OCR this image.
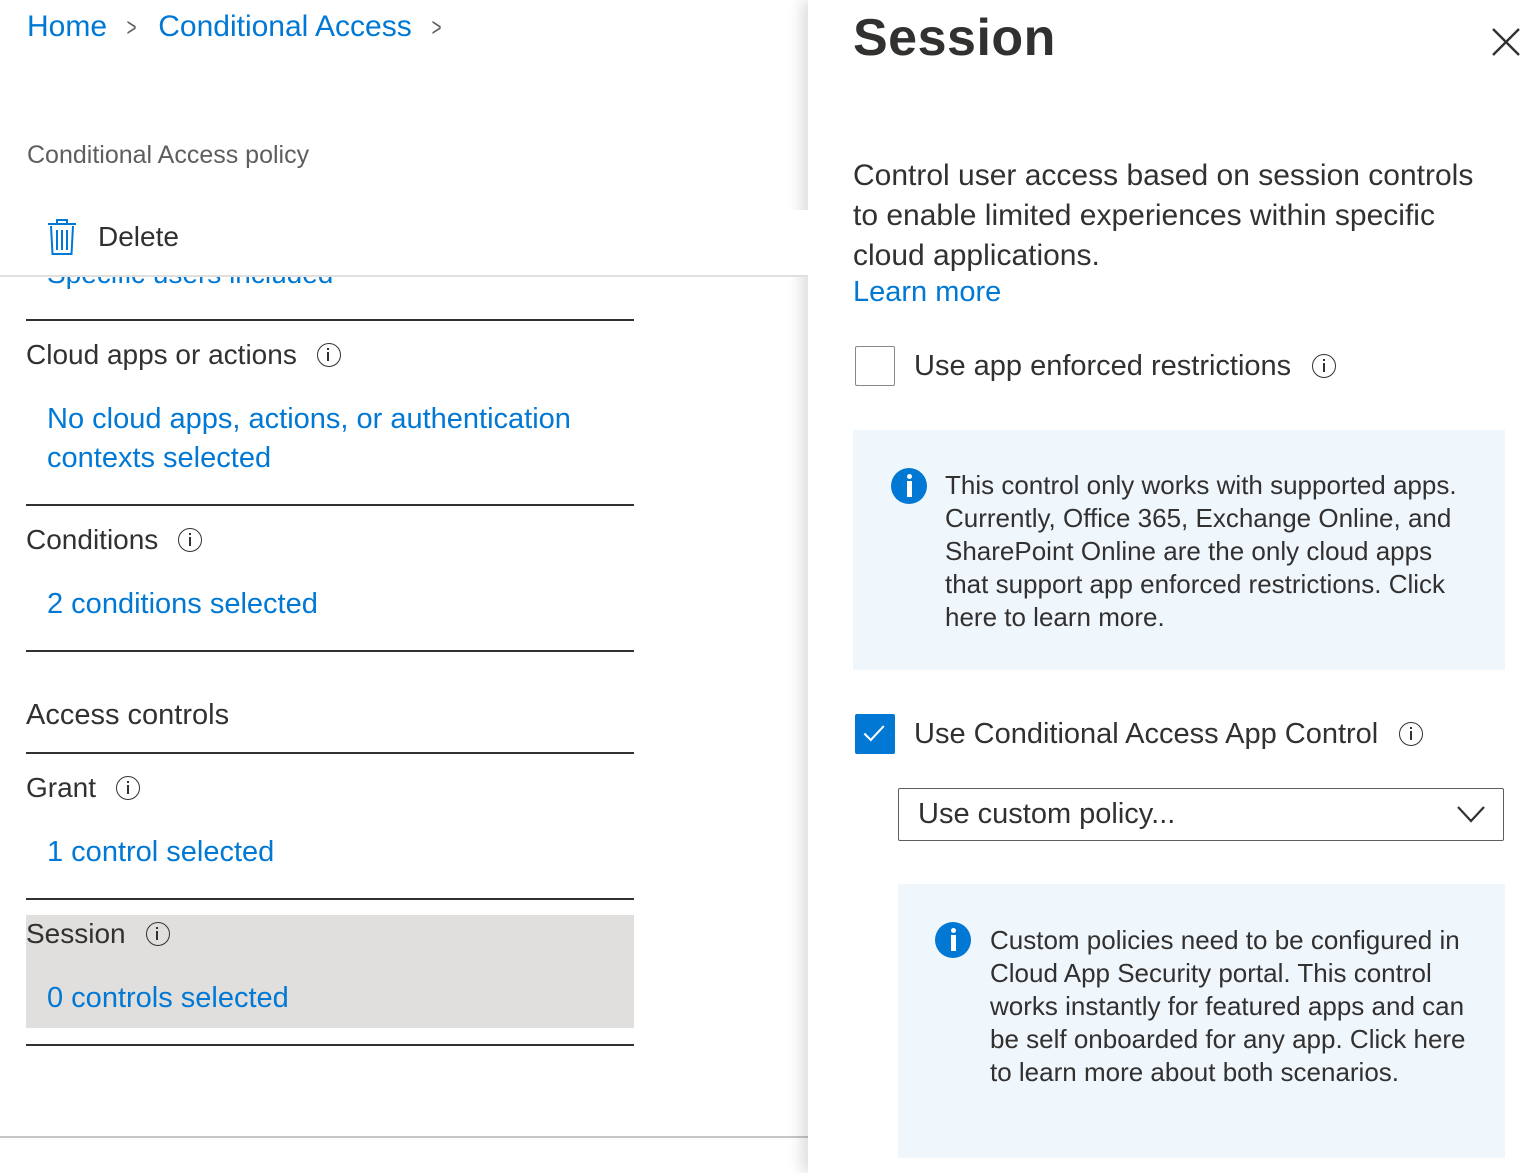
Home > Conditional Access >
Conditional Access policy
Delete
Cloud apps or actions
No cloud apps, actions, or authentication contexts selected
Conditions
2 conditions selected
Access controls
Grant
1 control selected
Session
0 controls selected
Session
Control user access based on session controls to enable limited experiences within specific cloud applications.
Learn more
Use app enforced restrictions
This control only works with supported apps. Currently, Office 365, Exchange Online, and SharePoint Online are the only cloud apps that support app enforced restrictions. Click here to learn more.
Use Conditional Access App Control
Use custom policy...
Custom policies need to be configured in Cloud App Security portal. This control works instantly for featured apps and can be self onboarded for any app. Click here to learn more about both scenarios.
